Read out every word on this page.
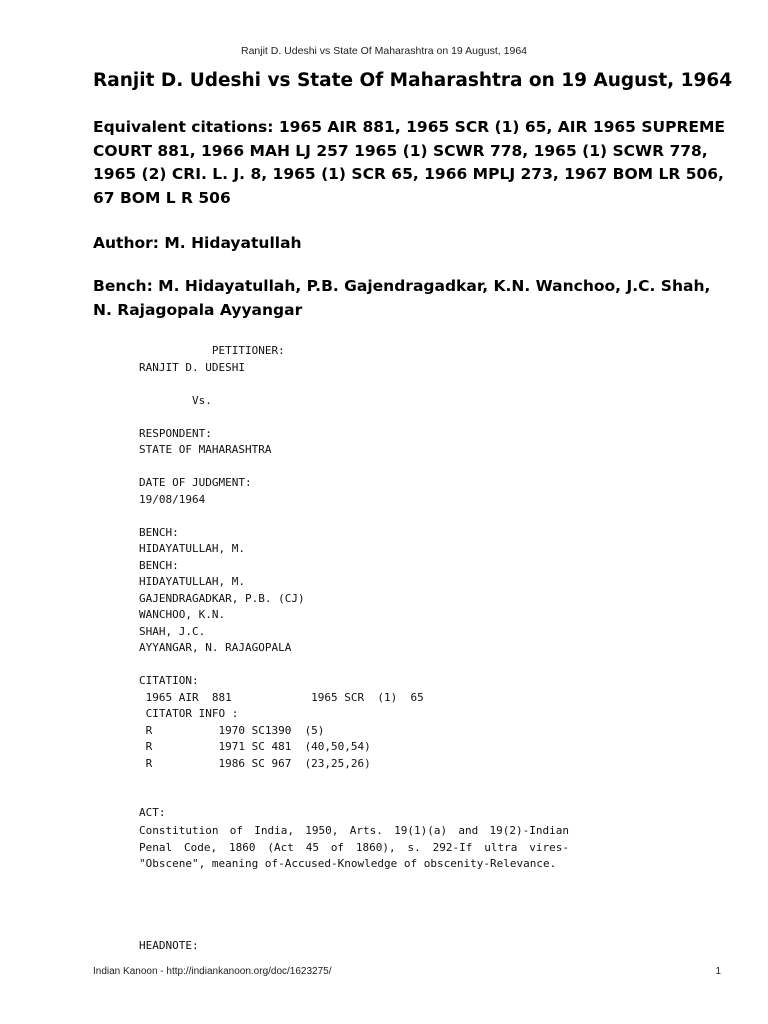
Ranjit D. Udeshi vs State Of Maharashtra on 19 August, 1964
Ranjit D. Udeshi vs State Of Maharashtra on 19 August, 1964
Equivalent citations: 1965 AIR 881, 1965 SCR (1) 65, AIR 1965 SUPREME COURT 881, 1966 MAH LJ 257 1965 (1) SCWR 778, 1965 (1) SCWR 778, 1965 (2) CRI. L. J. 8, 1965 (1) SCR 65, 1966 MPLJ 273, 1967 BOM LR 506, 67 BOM L R 506
Author: M. Hidayatullah
Bench: M. Hidayatullah, P.B. Gajendragadkar, K.N. Wanchoo, J.C. Shah, N. Rajagopala Ayyangar
PETITIONER:
RANJIT D. UDESHI
Vs.
RESPONDENT:
STATE OF MAHARASHTRA
DATE OF JUDGMENT:
19/08/1964
BENCH:
HIDAYATULLAH, M.
BENCH:
HIDAYATULLAH, M.
GAJENDRAGADKAR, P.B. (CJ)
WANCHOO, K.N.
SHAH, J.C.
AYYANGAR, N. RAJAGOPALA
CITATION:
1965 AIR  881            1965 SCR  (1)  65
CITATOR INFO :
R          1970 SC1390  (5)
R          1971 SC 481  (40,50,54)
R          1986 SC 967  (23,25,26)
ACT:

Constitution of India, 1950, Arts. 19(1)(a) and 19(2)-Indian Penal Code, 1860 (Act 45 of 1860), s. 292-If ultra vires- "Obscene", meaning of-Accused-Knowledge of obscenity-Relevance.

HEADNOTE:
Indian Kanoon - http://indiankanoon.org/doc/1623275/	1
